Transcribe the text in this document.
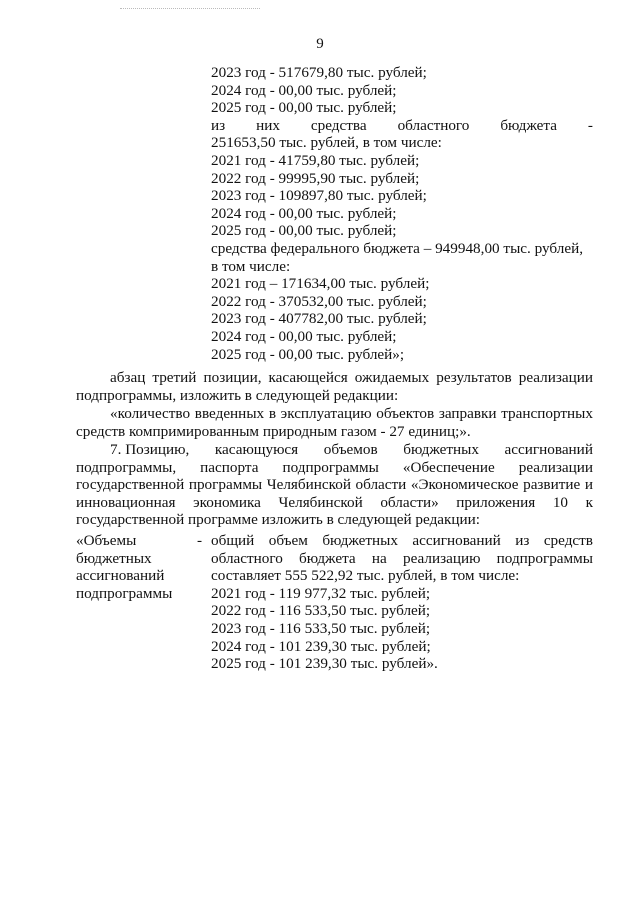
9
2023 год - 517679,80 тыс. рублей;
2024 год - 00,00 тыс. рублей;
2025 год - 00,00 тыс. рублей;
из них средства областного бюджета -
251653,50 тыс. рублей, в том числе:
2021 год - 41759,80 тыс. рублей;
2022 год - 99995,90 тыс. рублей;
2023 год - 109897,80 тыс. рублей;
2024 год - 00,00 тыс. рублей;
2025 год - 00,00 тыс. рублей;
средства федерального бюджета – 949948,00 тыс. рублей,
в том числе:
2021 год – 171634,00 тыс. рублей;
2022 год - 370532,00 тыс. рублей;
2023 год - 407782,00 тыс. рублей;
2024 год - 00,00 тыс. рублей;
2025 год - 00,00 тыс. рублей»;
абзац третий позиции, касающейся ожидаемых результатов реализации
подпрограммы, изложить в следующей редакции:
«количество введенных в эксплуатацию объектов заправки транспортных
средств компримированным природным газом - 27 единиц;».
7. Позицию, касающуюся объемов бюджетных ассигнований
подпрограммы, паспорта подпрограммы «Обеспечение реализации
государственной программы Челябинской области «Экономическое развитие и
инновационная экономика Челябинской области» приложения 10 к
государственной программе изложить в следующей редакции:
«Объемы
бюджетных
ассигнований
подпрограммы
- общий объем бюджетных ассигнований из средств
областного бюджета на реализацию подпрограммы
составляет 555 522,92 тыс. рублей, в том числе:
2021 год - 119 977,32 тыс. рублей;
2022 год - 116 533,50 тыс. рублей;
2023 год - 116 533,50 тыс. рублей;
2024 год - 101 239,30 тыс. рублей;
2025 год - 101 239,30 тыс. рублей».
